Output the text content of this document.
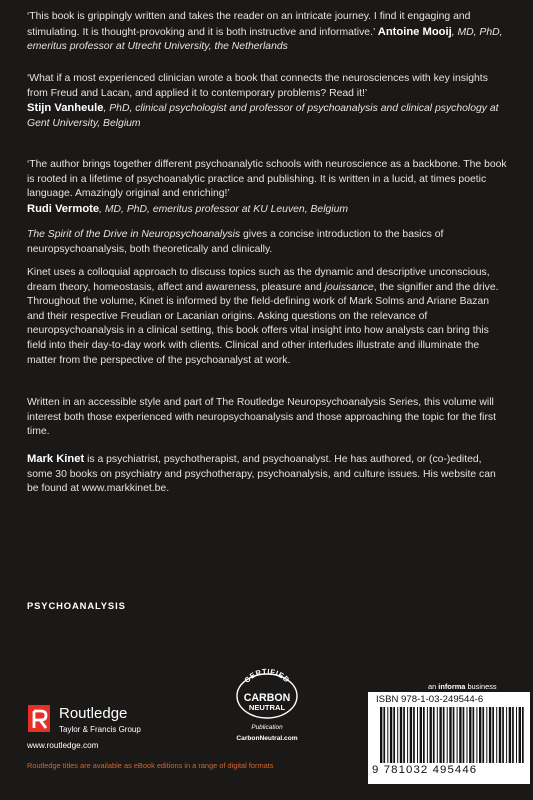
‘This book is grippingly written and takes the reader on an intricate journey. I find it engaging and stimulating. It is thought-provoking and it is both instructive and informative.’ Antoine Mooij, MD, PhD, emeritus professor at Utrecht University, the Netherlands

‘What if a most experienced clinician wrote a book that connects the neurosciences with key insights from Freud and Lacan, and applied it to contemporary problems? Read it!’
Stijn Vanheule, PhD, clinical psychologist and professor of psychoanalysis and clinical psychology at Gent University, Belgium

‘The author brings together different psychoanalytic schools with neuroscience as a backbone. The book is rooted in a lifetime of psychoanalytic practice and publishing. It is written in a lucid, at times poetic language. Amazingly original and enriching!’
Rudi Vermote, MD, PhD, emeritus professor at KU Leuven, Belgium

The Spirit of the Drive in Neuropsychoanalysis gives a concise introduction to the basics of neuropsychoanalysis, both theoretically and clinically.

Kinet uses a colloquial approach to discuss topics such as the dynamic and descriptive unconscious, dream theory, homeostasis, affect and awareness, pleasure and jouissance, the signifier and the drive. Throughout the volume, Kinet is informed by the field-defining work of Mark Solms and Ariane Bazan and their respective Freudian or Lacanian origins. Asking questions on the relevance of neuropsychoanalysis in a clinical setting, this book offers vital insight into how analysts can bring this field into their day-to-day work with clients. Clinical and other interludes illustrate and illuminate the matter from the perspective of the psychoanalyst at work.

Written in an accessible style and part of The Routledge Neuropsychoanalysis Series, this volume will interest both those experienced with neuropsychoanalysis and those approaching the topic for the first time.

Mark Kinet is a psychiatrist, psychotherapist, and psychoanalyst. He has authored, or (co-)edited, some 30 books on psychiatry and psychotherapy, psychoanalysis, and culture issues. His website can be found at www.markkinet.be.

PSYCHOANALYSIS
Routledge
Taylor & Francis Group
www.routledge.com
CERTIFIED
CARBON
NEUTRAL
Publication
CarbonNeutral.com
an informa business
ISBN 978-1-03-249544-6
9 781032 495446
Routledge titles are available as eBook editions in a range of digital formats
